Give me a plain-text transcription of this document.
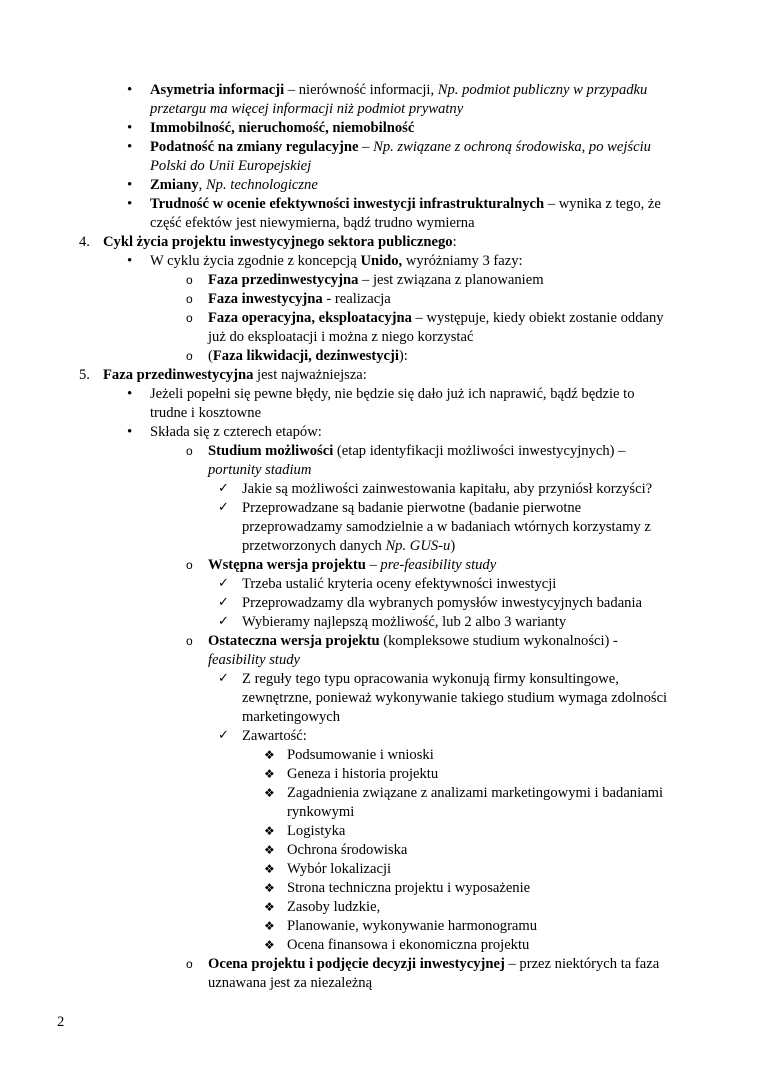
• Asymetria informacji – nierówność informacji, Np. podmiot publiczny w przypadku
przetargu ma więcej informacji niż podmiot prywatny
• Immobilność, nieruchomość, niemobilność
• Podatność na zmiany regulacyjne – Np. związane z ochroną środowiska, po wejściu
Polski do Unii Europejskiej
• Zmiany, Np. technologiczne
• Trudność w ocenie efektywności inwestycji infrastrukturalnych – wynika z tego, że
część efektów jest niewymierna, bądź trudno wymierna
4. Cykl życia projektu inwestycyjnego sektora publicznego:
• W cyklu życia zgodnie z koncepcją Unido, wyróżniamy 3 fazy:
o Faza przedinwestycyjna – jest związana z planowaniem
o Faza inwestycyjna - realizacja
o Faza operacyjna, eksploatacyjna – występuje, kiedy obiekt zostanie oddany
już do eksploatacji i można z niego korzystać
o (Faza likwidacji, dezinwestycji):
5. Faza przedinwestycyjna jest najważniejsza:
• Jeżeli popełni się pewne błędy, nie będzie się dało już ich naprawić, bądź będzie to
trudne i kosztowne
• Składa się z czterech etapów:
o Studium możliwości (etap identyfikacji możliwości inwestycyjnych) –
portunity stadium
✓ Jakie są możliwości zainwestowania kapitału, aby przyniósł korzyści?
✓ Przeprowadzane są badanie pierwotne (badanie pierwotne
przeprowadzamy samodzielnie a w badaniach wtórnych korzystamy z
przetworzonych danych Np. GUS-u)
o Wstępna wersja projektu – pre-feasibility study
✓ Trzeba ustalić kryteria oceny efektywności inwestycji
✓ Przeprowadzamy dla wybranych pomysłów inwestycyjnych badania
✓ Wybieramy najlepszą możliwość, lub 2 albo 3 warianty
o Ostateczna wersja projektu (kompleksowe studium wykonalności) -
feasibility study
✓ Z reguły tego typu opracowania wykonują firmy konsultingowe,
zewnętrzne, ponieważ wykonywanie takiego studium wymaga zdolności
marketingowych
✓ Zawartość:
❖ Podsumowanie i wnioski
❖ Geneza i historia projektu
❖ Zagadnienia związane z analizami marketingowymi i badaniami
rynkowymi
❖ Logistyka
❖ Ochrona środowiska
❖ Wybór lokalizacji
❖ Strona techniczna projektu i wyposażenie
❖ Zasoby ludzkie,
❖ Planowanie, wykonywanie harmonogramu
❖ Ocena finansowa i ekonomiczna projektu
o Ocena projektu i podjęcie decyzji inwestycyjnej – przez niektórych ta faza
uznawana jest za niezależną
2
